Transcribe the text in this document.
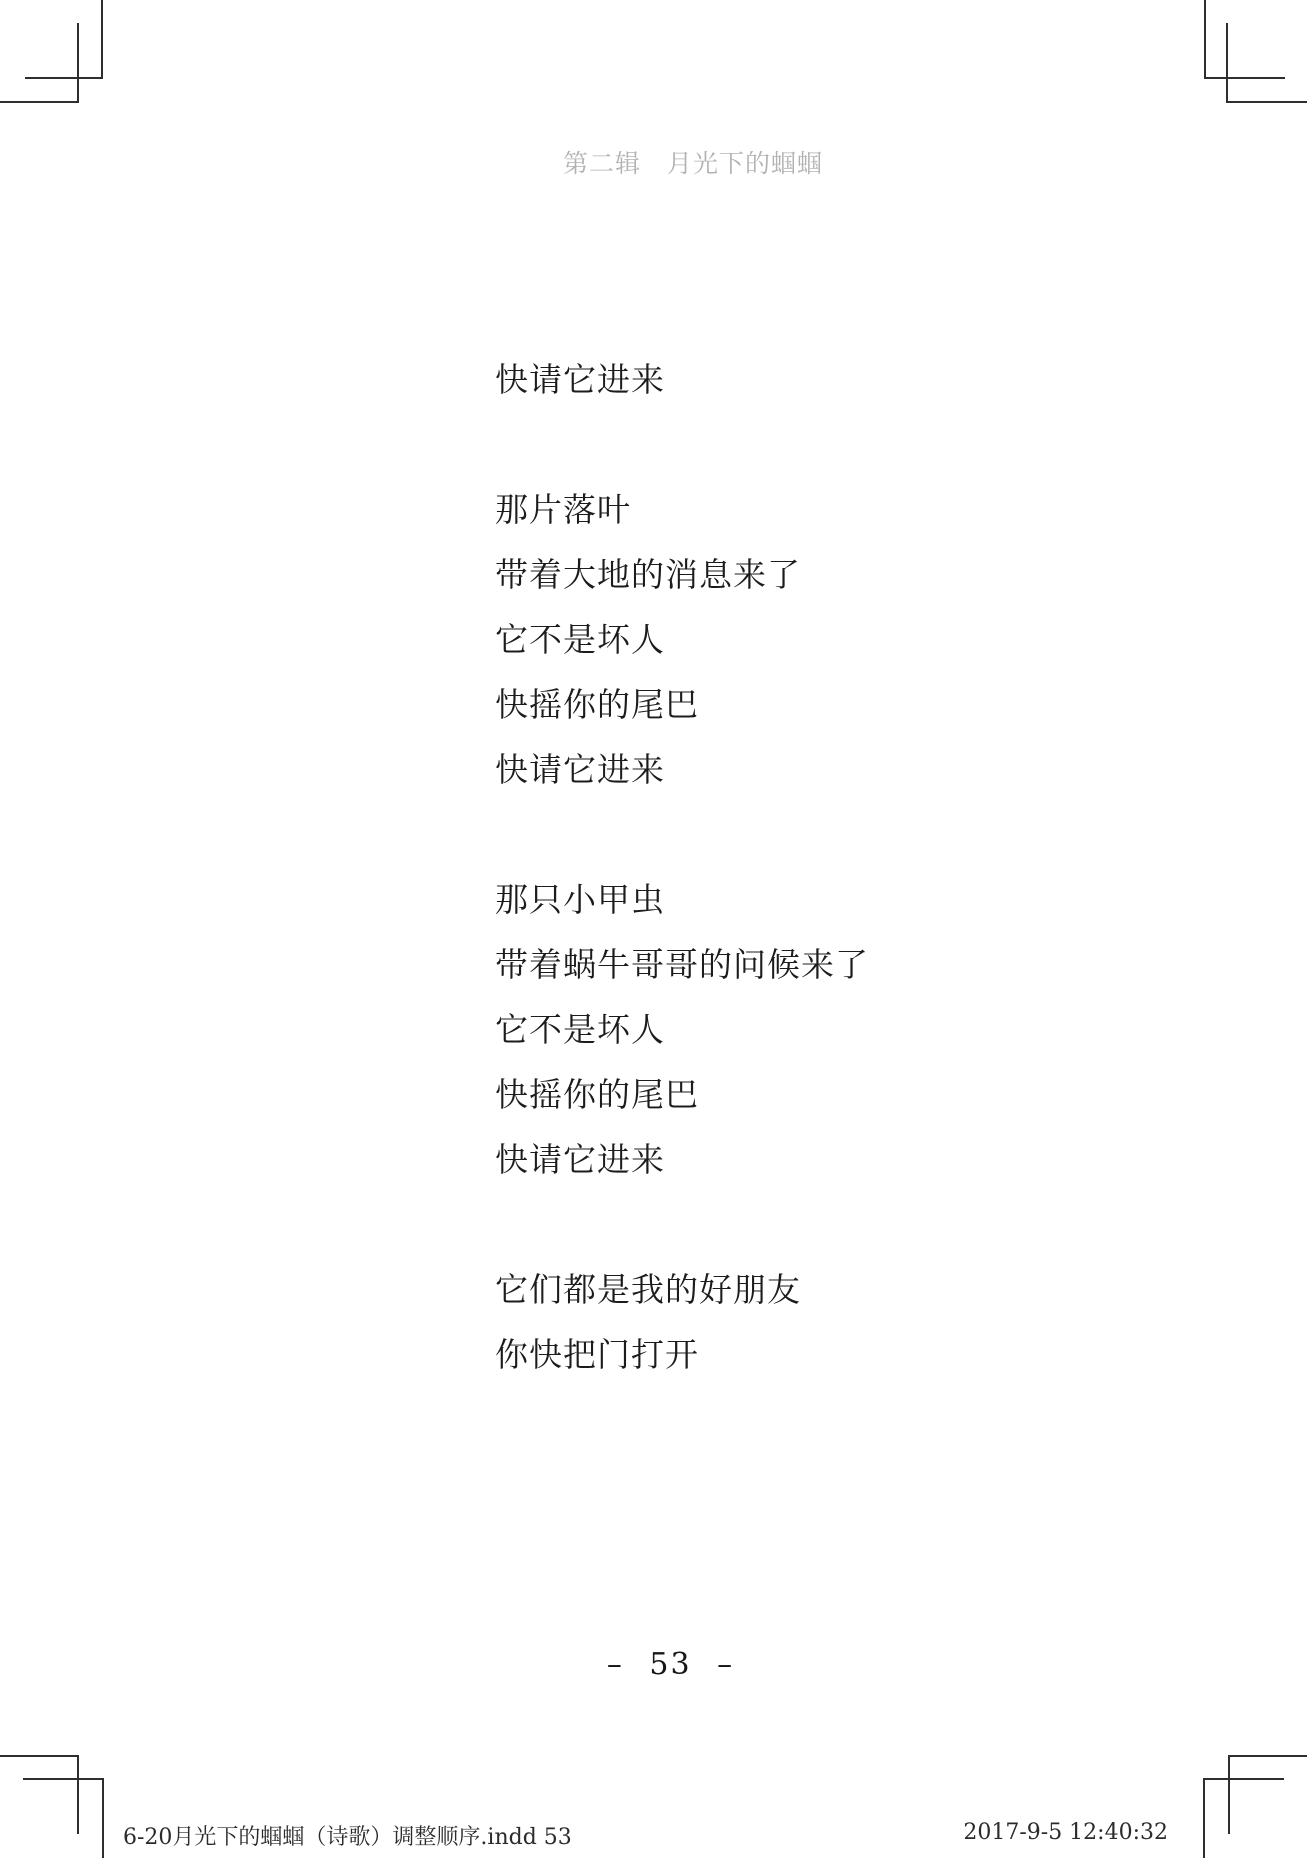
第二辑　月光下的蝈蝈

快请它进来

那片落叶

带着大地的消息来了

它不是坏人

快摇你的尾巴

快请它进来

那只小甲虫

带着蜗牛哥哥的问候来了

它不是坏人

快摇你的尾巴

快请它进来

它们都是我的好朋友

你快把门打开

– 53 –
6-20月光下的蝈蝈（诗歌）调整顺序.indd 53	2017-9-5 12:40:32
